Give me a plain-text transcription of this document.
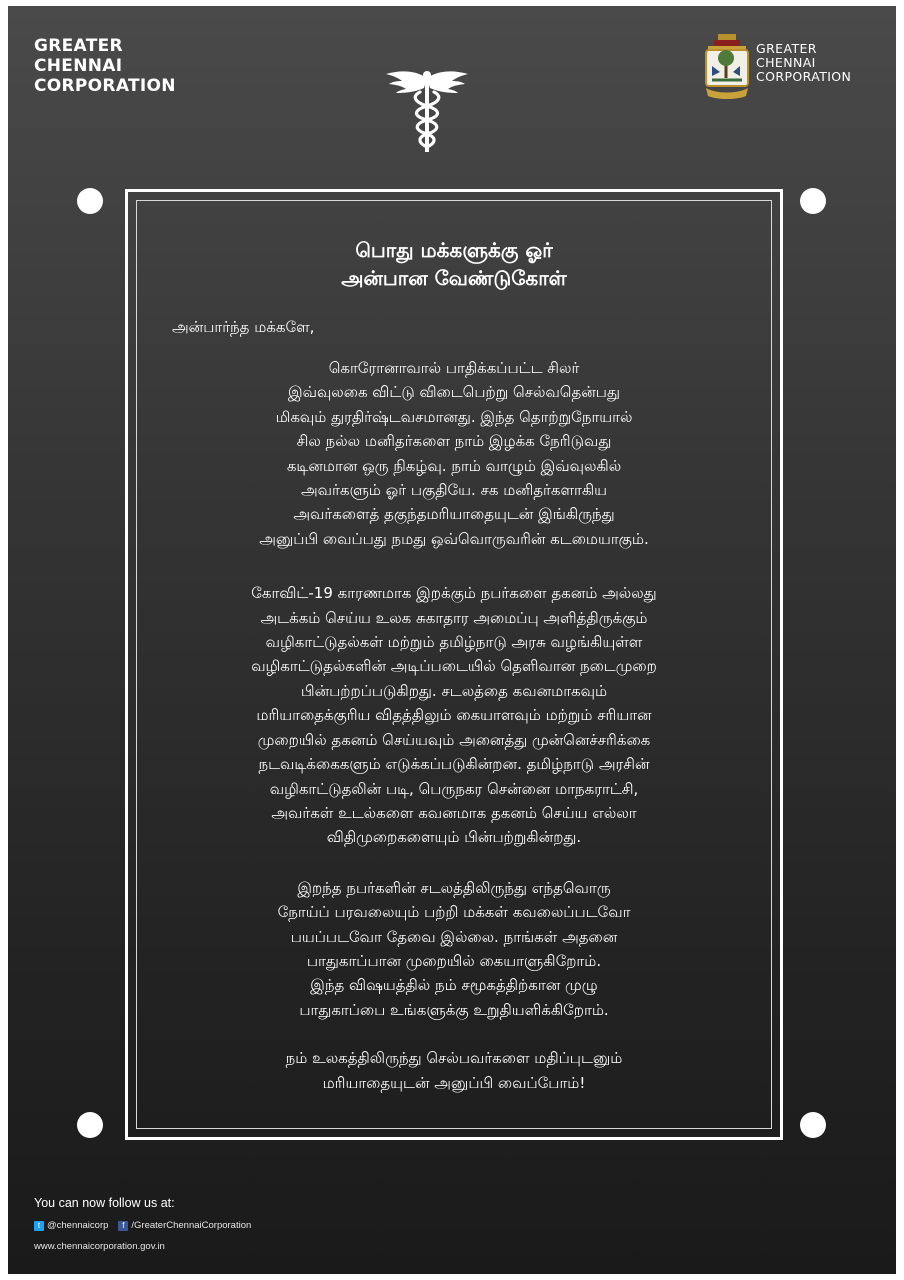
GREATER
CHENNAI
CORPORATION
GREATER
CHENNAI
CORPORATION
பொது மக்களுக்கு ஓர்
அன்பான வேண்டுகோள்
அன்பார்ந்த மக்களே,
கொரோனாவால் பாதிக்கப்பட்ட சிலர்
இவ்வுலகை விட்டு விடைபெற்று செல்வதென்பது
மிகவும் துரதிர்ஷ்டவசமானது. இந்த தொற்றுநோயால்
சில நல்ல மனிதர்களை நாம் இழக்க நேரிடுவது
கடினமான ஒரு நிகழ்வு. நாம் வாழும் இவ்வுலகில்
அவர்களும் ஓர் பகுதியே. சக மனிதர்களாகிய
அவர்களைத் தகுந்தமரியாதையுடன் இங்கிருந்து
அனுப்பி வைப்பது நமது ஒவ்வொருவரின் கடமையாகும்.
கோவிட்-19 காரணமாக இறக்கும் நபர்களை தகனம் அல்லது
அடக்கம் செய்ய உலக சுகாதார அமைப்பு அளித்திருக்கும்
வழிகாட்டுதல்கள் மற்றும் தமிழ்நாடு அரசு வழங்கியுள்ள
வழிகாட்டுதல்களின் அடிப்படையில் தெளிவான நடைமுறை
பின்பற்றப்படுகிறது. சடலத்தை கவனமாகவும்
மரியாதைக்குரிய விதத்திலும் கையாளவும் மற்றும் சரியான
முறையில் தகனம் செய்யவும் அனைத்து முன்னெச்சரிக்கை
நடவடிக்கைகளும் எடுக்கப்படுகின்றன. தமிழ்நாடு அரசின்
வழிகாட்டுதலின் படி, பெருநகர சென்னை மாநகராட்சி,
அவர்கள் உடல்களை கவனமாக தகனம் செய்ய எல்லா
விதிமுறைகளையும் பின்பற்றுகின்றது.
இறந்த நபர்களின் சடலத்திலிருந்து எந்தவொரு
நோய்ப் பரவலையும் பற்றி மக்கள் கவலைப்படவோ
பயப்படவோ தேவை இல்லை. நாங்கள் அதனை
பாதுகாப்பான முறையில் கையாளுகிறோம்.
இந்த விஷயத்தில் நம் சமூகத்திற்கான முழு
பாதுகாப்பை உங்களுக்கு உறுதியளிக்கிறோம்.
நம் உலகத்திலிருந்து செல்பவர்களை மதிப்புடனும்
மரியாதையுடன் அனுப்பி வைப்போம்!
You can now follow us at:
t @chennaicorp	f /GreaterChennaiCorporation
www.chennaicorporation.gov.in
